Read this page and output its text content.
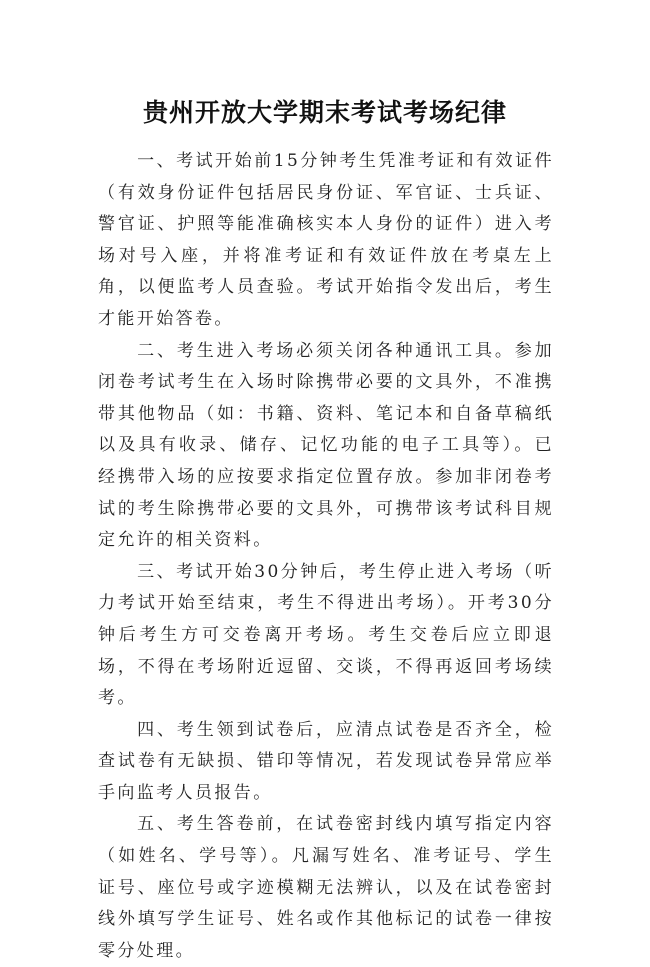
贵州开放大学期末考试考场纪律

一、考试开始前15分钟考生凭准考证和有效证件（有效身份证件包括居民身份证、军官证、士兵证、警官证、护照等能准确核实本人身份的证件）进入考场对号入座，并将准考证和有效证件放在考桌左上角，以便监考人员查验。考试开始指令发出后，考生才能开始答卷。

二、考生进入考场必须关闭各种通讯工具。参加闭卷考试考生在入场时除携带必要的文具外，不准携带其他物品（如：书籍、资料、笔记本和自备草稿纸以及具有收录、储存、记忆功能的电子工具等）。已经携带入场的应按要求指定位置存放。参加非闭卷考试的考生除携带必要的文具外，可携带该考试科目规定允许的相关资料。

三、考试开始30分钟后，考生停止进入考场（听力考试开始至结束，考生不得进出考场）。开考30分钟后考生方可交卷离开考场。考生交卷后应立即退场，不得在考场附近逗留、交谈，不得再返回考场续考。

四、考生领到试卷后，应清点试卷是否齐全，检查试卷有无缺损、错印等情况，若发现试卷异常应举手向监考人员报告。

五、考生答卷前，在试卷密封线内填写指定内容（如姓名、学号等）。凡漏写姓名、准考证号、学生证号、座位号或字迹模糊无法辨认，以及在试卷密封线外填写学生证号、姓名或作其他标记的试卷一律按零分处理。
